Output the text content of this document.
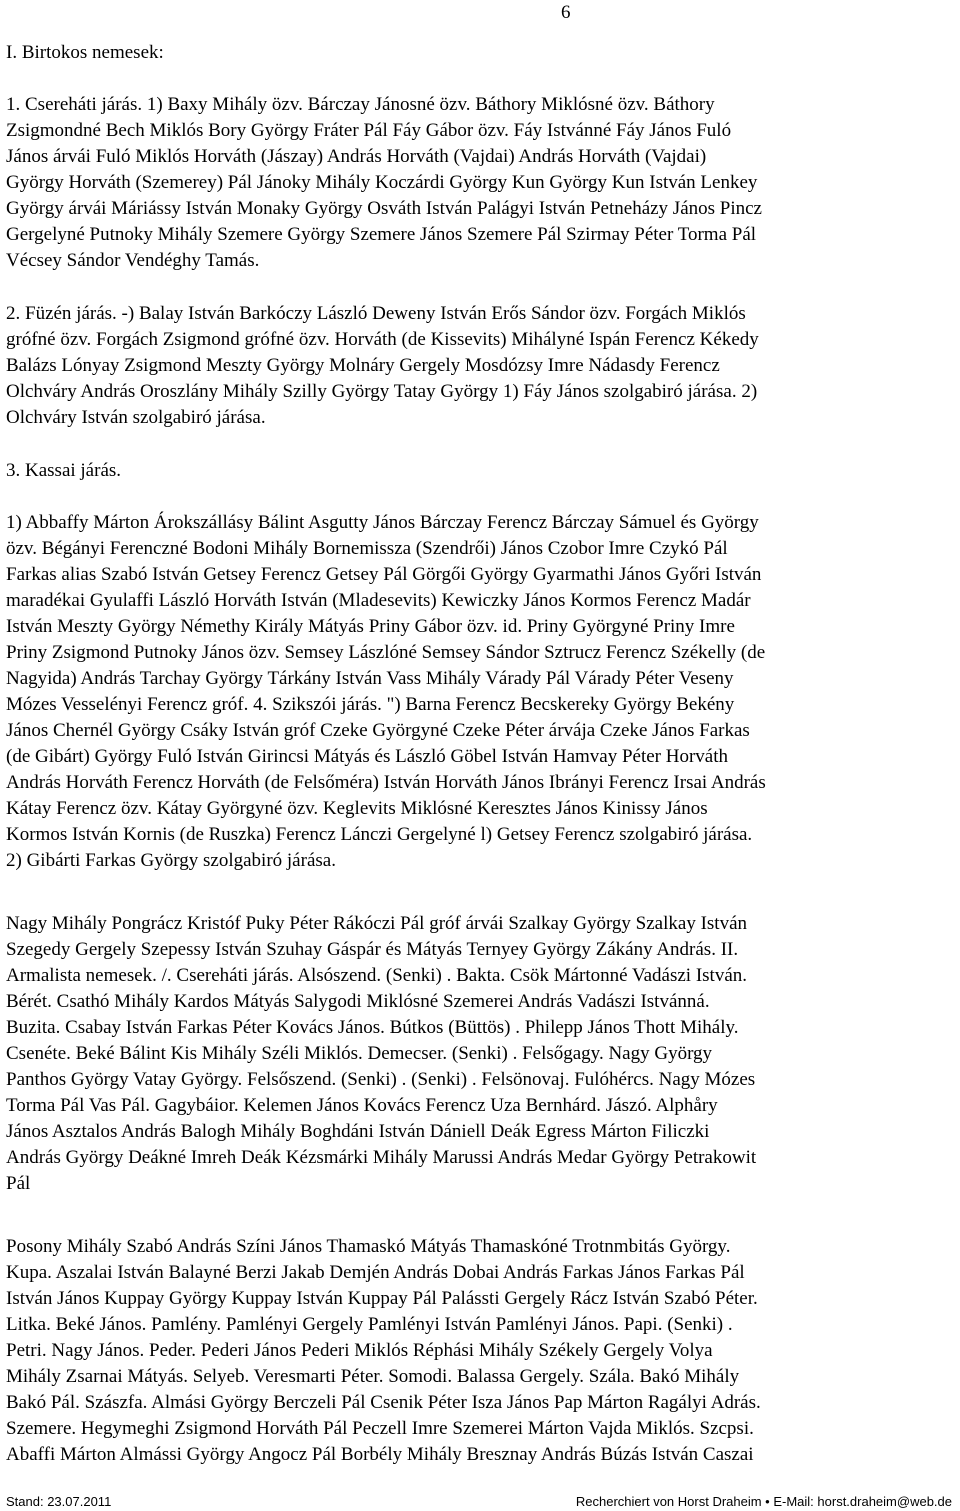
6
I. Birtokos nemesek:
1. Csereháti járás. 1) Baxy Mihály özv. Bárczay Jánosné özv. Báthory Miklósné özv. Báthory
Zsigmondné Bech Miklós Bory György Fráter Pál Fáy Gábor özv. Fáy Istvánné Fáy János Fuló
János árvái Fuló Miklós Horváth (Jászay) András Horváth (Vajdai) András Horváth (Vajdai)
György Horváth (Szemerey) Pál Jánoky Mihály Koczárdi György Kun György Kun István Lenkey
György árvái Máriássy István Monaky György Osváth István Palágyi István Petneházy János Pincz
Gergelyné Putnoky Mihály Szemere György Szemere János Szemere Pál Szirmay Péter Torma Pál
Vécsey Sándor Vendéghy Tamás.
2. Füzén járás. -) Balay István Barkóczy László Deweny István Erős Sándor özv. Forgách Miklós
grófné özv. Forgách Zsigmond grófné özv. Horváth (de Kissevits) Mihályné Ispán Ferencz Kékedy
Balázs Lónyay Zsigmond Meszty György Molnáry Gergely Mosdózsy Imre Nádasdy Ferencz
Olchváry András Oroszlány Mihály Szilly György Tatay György 1) Fáy János szolgabiró járása. 2)
Olchváry István szolgabiró járása.
3. Kassai járás.
1) Abbaffy Márton Árokszállásy Bálint Asgutty János Bárczay Ferencz Bárczay Sámuel és György
özv. Bégányi Ferenczné Bodoni Mihály Bornemissza (Szendrői) János Czobor Imre Czykó Pál
Farkas alias Szabó István Getsey Ferencz Getsey Pál Görgői György Gyarmathi János Győri István
maradékai Gyulaffi László Horváth István (Mladesevits) Kewiczky János Kormos Ferencz Madár
István Meszty György Némethy Király Mátyás Priny Gábor özv. id. Priny Györgyné Priny Imre
Priny Zsigmond Putnoky János özv. Semsey Lászlóné Semsey Sándor Sztrucz Ferencz Székelly (de
Nagyida) András Tarchay György Tárkány István Vass Mihály Várady Pál Várady Péter Veseny
Mózes Vesselényi Ferencz gróf. 4. Szikszói járás. ") Barna Ferencz Becskereky György Bekény
János Chernél György Csáky István gróf Czeke Györgyné Czeke Péter árvája Czeke János Farkas
(de Gibárt) György Fuló István Girincsi Mátyás és László Göbel István Hamvay Péter Horváth
András Horváth Ferencz Horváth (de Felsőméra) István Horváth János Ibrányi Ferencz Irsai András
Kátay Ferencz özv. Kátay Györgyné özv. Keglevits Miklósné Keresztes János Kinissy János
Kormos István Kornis (de Ruszka) Ferencz Lánczi Gergelyné l) Getsey Ferencz szolgabiró járása.
2) Gibárti Farkas György szolgabiró járása.
Nagy Mihály Pongrácz Kristóf Puky Péter Rákóczi Pál gróf árvái Szalkay György Szalkay István
Szegedy Gergely Szepessy István Szuhay Gáspár és Mátyás Ternyey György Zákány András. II.
Armalista nemesek. /. Csereháti járás. Alsószend. (Senki) . Bakta. Csök Mártonné Vadászi István.
Bérét. Csathó Mihály Kardos Mátyás Salygodi Miklósné Szemerei András Vadászi Istvánná.
Buzita. Csabay István Farkas Péter Kovács János. Bútkos (Büttös) . Philepp János Thott Mihály.
Csenéte. Beké Bálint Kis Mihály Széli Miklós. Demecser. (Senki) . Felsőgagy. Nagy György
Panthos György Vatay György. Felsőszend. (Senki) . (Senki) . Felsönovaj. Fulóhércs. Nagy Mózes
Torma Pál Vas Pál. Gagybáior. Kelemen János Kovács Ferencz Uza Bernhárd. Jászó. Alphåry
János Asztalos András Balogh Mihály Boghdáni István Dániell Deák Egress Márton Filiczki
András György Deákné Imreh Deák Kézsmárki Mihály Marussi András Medar György Petrakowit
Pál
Posony Mihály Szabó András Színi János Thamaskó Mátyás Thamaskóné Trotnmbitás György.
Kupa. Aszalai István Balayné Berzi Jakab Demjén András Dobai András Farkas János Farkas Pál
István János Kuppay György Kuppay István Kuppay Pál Palássti Gergely Rácz István Szabó Péter.
Litka. Beké János. Pamlény. Pamlényi Gergely Pamlényi István Pamlényi János. Papi. (Senki) .
Petri. Nagy János. Peder. Pederi János Pederi Miklós Réphási Mihály Székely Gergely Volya
Mihály Zsarnai Mátyás. Selyeb. Veresmarti Péter. Somodi. Balassa Gergely. Szála. Bakó Mihály
Bakó Pál. Szászfa. Almási György Berczeli Pál Csenik Péter Isza János Pap Márton Ragályi Adrás.
Szemere. Hegymeghi Zsigmond Horváth Pál Peczell Imre Szemerei Márton Vajda Miklós. Szcpsi.
Abaffi Márton Almássi György Angocz Pál Borbély Mihály Bresznay András Búzás István Caszai
Stand: 23.07.2011	Recherchiert von Horst Draheim • E-Mail: horst.draheim@web.de
